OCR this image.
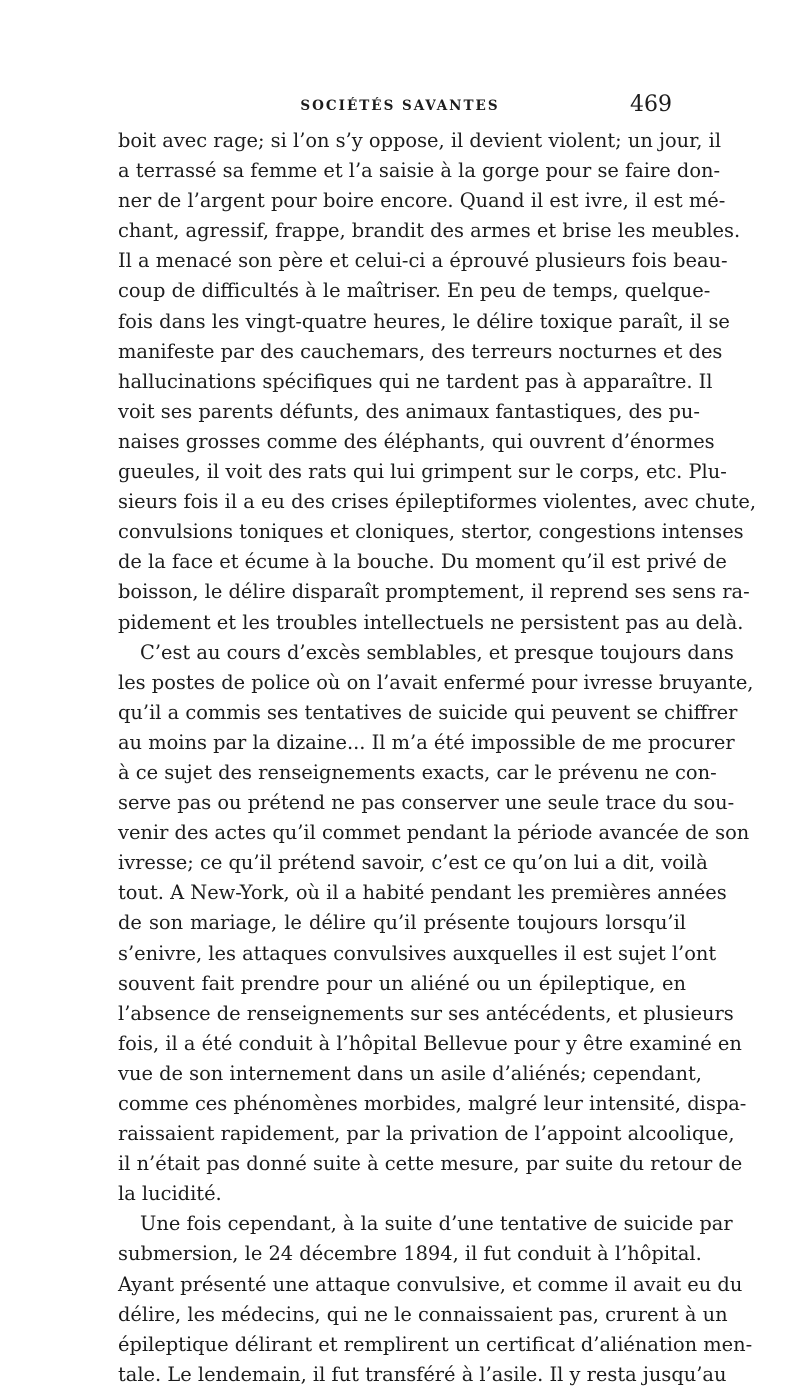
SOCIÉTÉS SAVANTES	469
boit avec rage; si l’on s’y oppose, il devient violent; un jour, il
a terrassé sa femme et l’a saisie à la gorge pour se faire don-
ner de l’argent pour boire encore. Quand il est ivre, il est mé-
chant, agressif, frappe, brandit des armes et brise les meubles.
Il a menacé son père et celui-ci a éprouvé plusieurs fois beau-
coup de difficultés à le maîtriser. En peu de temps, quelque-
fois dans les vingt-quatre heures, le délire toxique paraît, il se
manifeste par des cauchemars, des terreurs nocturnes et des
hallucinations spécifiques qui ne tardent pas à apparaître. Il
voit ses parents défunts, des animaux fantastiques, des pu-
naises grosses comme des éléphants, qui ouvrent d’énormes
gueules, il voit des rats qui lui grimpent sur le corps, etc. Plu-
sieurs fois il a eu des crises épileptiformes violentes, avec chute,
convulsions toniques et cloniques, stertor, congestions intenses
de la face et écume à la bouche. Du moment qu’il est privé de
boisson, le délire disparaît promptement, il reprend ses sens ra-
pidement et les troubles intellectuels ne persistent pas au delà.
C’est au cours d’excès semblables, et presque toujours dans
les postes de police où on l’avait enfermé pour ivresse bruyante,
qu’il a commis ses tentatives de suicide qui peuvent se chiffrer
au moins par la dizaine... Il m’a été impossible de me procurer
à ce sujet des renseignements exacts, car le prévenu ne con-
serve pas ou prétend ne pas conserver une seule trace du sou-
venir des actes qu’il commet pendant la période avancée de son
ivresse; ce qu’il prétend savoir, c’est ce qu’on lui a dit, voilà
tout. A New-York, où il a habité pendant les premières années
de son mariage, le délire qu’il présente toujours lorsqu’il
s’enivre, les attaques convulsives auxquelles il est sujet l’ont
souvent fait prendre pour un aliéné ou un épileptique, en
l’absence de renseignements sur ses antécédents, et plusieurs
fois, il a été conduit à l’hôpital Bellevue pour y être examiné en
vue de son internement dans un asile d’aliénés; cependant,
comme ces phénomènes morbides, malgré leur intensité, dispa-
raissaient rapidement, par la privation de l’appoint alcoolique,
il n’était pas donné suite à cette mesure, par suite du retour de
la lucidité.
Une fois cependant, à la suite d’une tentative de suicide par
submersion, le 24 décembre 1894, il fut conduit à l’hôpital.
Ayant présenté une attaque convulsive, et comme il avait eu du
délire, les médecins, qui ne le connaissaient pas, crurent à un
épileptique délirant et remplirent un certificat d’aliénation men-
tale. Le lendemain, il fut transféré à l’asile. Il y resta jusqu’au
